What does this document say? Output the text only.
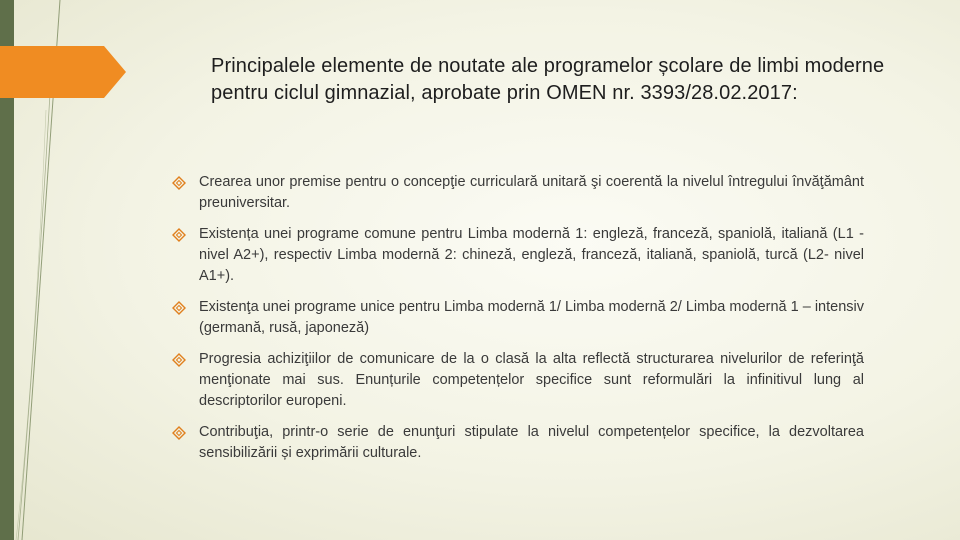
Principalele elemente de noutate ale programelor școlare de limbi moderne pentru ciclul gimnazial, aprobate prin OMEN nr. 3393/28.02.2017:
Crearea unor premise pentru o concepţie curriculară unitară şi coerentă la nivelul întregului învăţământ preuniversitar.
Existența unei programe comune pentru Limba modernă 1: engleză, franceză, spaniolă, italiană (L1 - nivel A2+), respectiv Limba modernă 2: chineză, engleză, franceză, italiană, spaniolă, turcă (L2- nivel A1+).
Existenţa unei programe unice pentru Limba modernă 1/ Limba modernă 2/ Limba modernă 1 – intensiv (germană, rusă, japoneză)
Progresia achiziţiilor de comunicare de la o clasă la alta reflectă structurarea nivelurilor de referinţă menţionate mai sus. Enunțurile competențelor specifice sunt reformulări la infinitivul lung al descriptorilor europeni.
Contribuţia, printr-o serie de enunţuri stipulate la nivelul competențelor specifice, la dezvoltarea sensibilizării și exprimării culturale.
